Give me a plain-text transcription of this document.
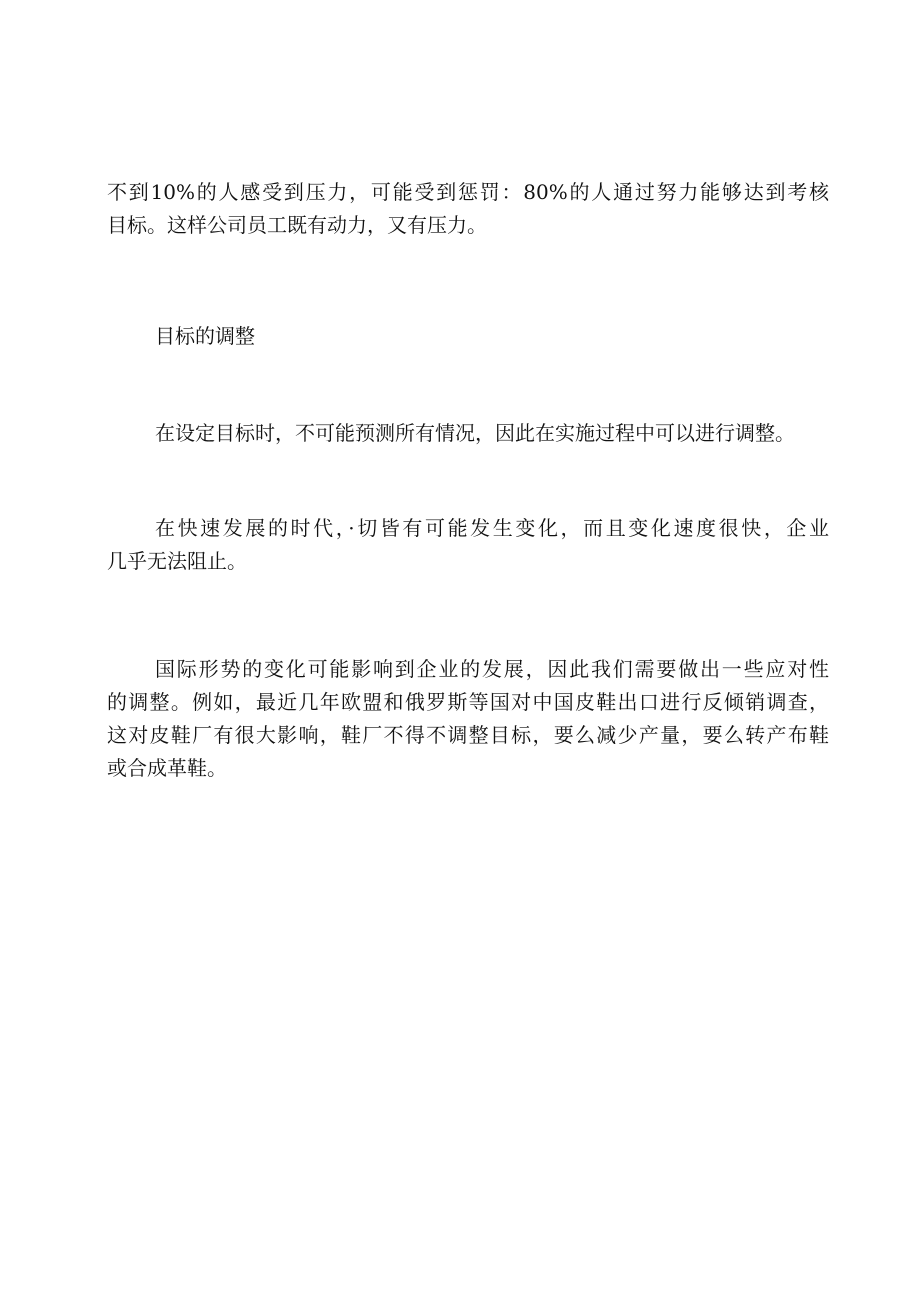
不到10%的人感受到压力，可能受到惩罚：80%的人通过努力能够达到考核
目标。这样公司员工既有动力，又有压力。
目标的调整
在设定目标时，不可能预测所有情况，因此在实施过程中可以进行调整。
在快速发展的时代，·切皆有可能发生变化，而且变化速度很快，企业
几乎无法阻止。
国际形势的变化可能影响到企业的发展，因此我们需要做出一些应对性
的调整。例如，最近几年欧盟和俄罗斯等国对中国皮鞋出口进行反倾销调查，
这对皮鞋厂有很大影响，鞋厂不得不调整目标，要么减少产量，要么转产布鞋
或合成革鞋。
